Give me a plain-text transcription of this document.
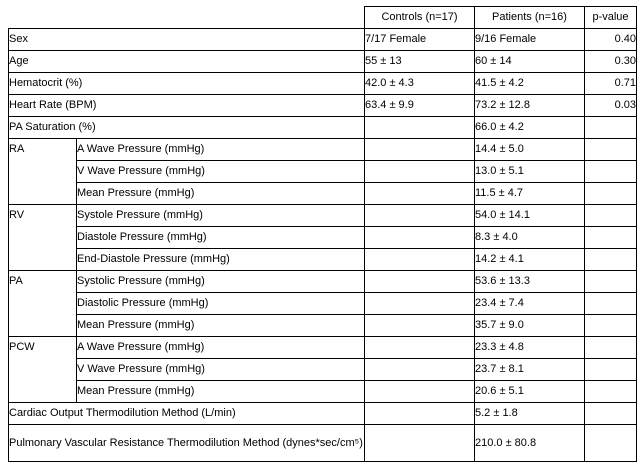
		Controls (n=17)	Patients (n=16)	p-value
Sex		7/17 Female	9/16 Female	0.40
Age		55 ± 13	60 ± 14	0.30
Hematocrit (%)		42.0 ± 4.3	41.5 ± 4.2	0.71
Heart Rate (BPM)		63.4 ± 9.9	73.2 ± 12.8	0.03
PA Saturation (%)			66.0 ± 4.2	
RA	A Wave Pressure (mmHg)		14.4 ± 5.0	
	V Wave Pressure (mmHg)		13.0 ± 5.1	
	Mean Pressure (mmHg)		11.5 ± 4.7	
RV	Systole Pressure (mmHg)		54.0 ± 14.1	
	Diastole Pressure (mmHg)		8.3 ± 4.0	
	End-Diastole Pressure (mmHg)		14.2 ± 4.1	
PA	Systolic Pressure (mmHg)		53.6 ± 13.3	
	Diastolic Pressure (mmHg)		23.4 ± 7.4	
	Mean Pressure (mmHg)		35.7 ± 9.0	
PCW	A Wave Pressure (mmHg)		23.3 ± 4.8	
	V Wave Pressure (mmHg)		23.7 ± 8.1	
	Mean Pressure (mmHg)		20.6 ± 5.1	
Cardiac Output Thermodilution Method (L/min)			5.2 ± 1.8	
Pulmonary Vascular Resistance Thermodilution Method (dynes*sec/cm⁵)			210.0 ± 80.8	
